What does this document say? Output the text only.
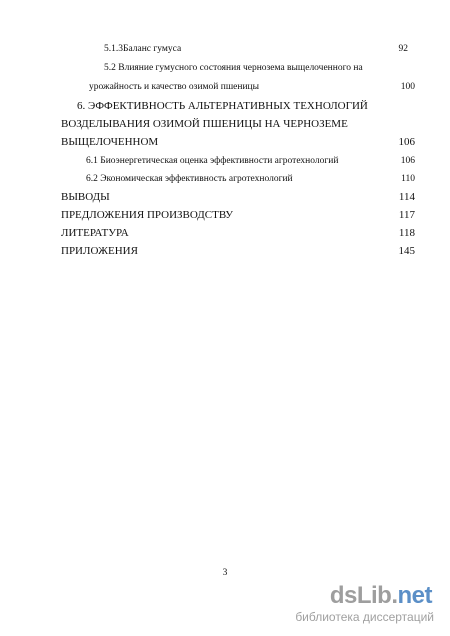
5.1.3Баланс гумуса	92
5.2 Влияние гумусного состояния чернозема выщелоченного на
урожайность и качество озимой пшеницы	100
6. ЭФФЕКТИВНОСТЬ АЛЬТЕРНАТИВНЫХ ТЕХНОЛОГИЙ
ВОЗДЕЛЫВАНИЯ ОЗИМОЙ ПШЕНИЦЫ НА ЧЕРНОЗЕМЕ
ВЫЩЕЛОЧЕННОМ	106
6.1 Биоэнергетическая оценка эффективности агротехнологий	106
6.2 Экономическая эффективность агротехнологий	110
ВЫВОДЫ	114
ПРЕДЛОЖЕНИЯ ПРОИЗВОДСТВУ	117
ЛИТЕРАТУРА	118
ПРИЛОЖЕНИЯ	145
3
dsLib.net
библиотека диссертаций
